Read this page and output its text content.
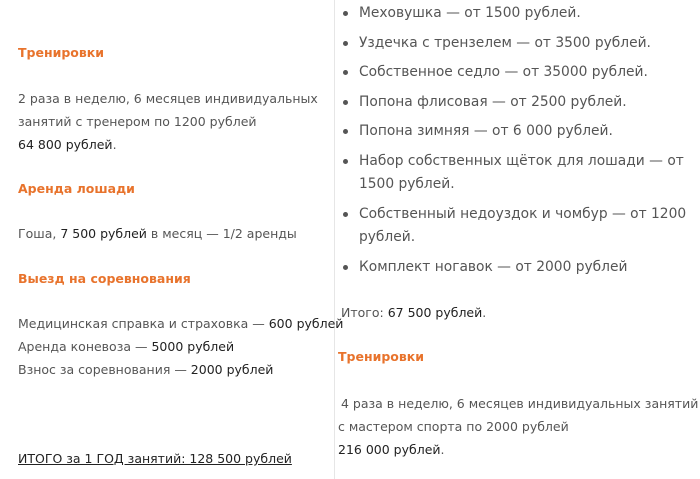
Тренировки

2 раза в неделю, 6 месяцев индивидуальных

занятий с тренером по 1200 рублей

64 800 рублей.

Аренда лошади

Гоша, 7 500 рублей в месяц — 1/2 аренды

Выезд на соревнования

Медицинская справка и страховка — 600 рублей

Аренда коневоза — 5000 рублей

Взнос за соревнования — 2000 рублей

ИТОГО за 1 ГОД занятий: 128 500 рублей

Меховушка — от 1500 рублей.
Уздечка с трензелем — от 3500 рублей.
Собственное седло — от 35000 рублей.
Попона флисовая — от 2500 рублей.
Попона зимняя — от 6 000 рублей.
Набор собственных щёток для лошади — от
1500 рублей.
Собственный недоуздок и чомбур — от 1200
рублей.
Комплект ногавок — от 2000 рублей

Итого: 67 500 рублей.

Тренировки

4 раза в неделю, 6 месяцев индивидуальных занятий

с мастером спорта по 2000 рублей

216 000 рублей.
